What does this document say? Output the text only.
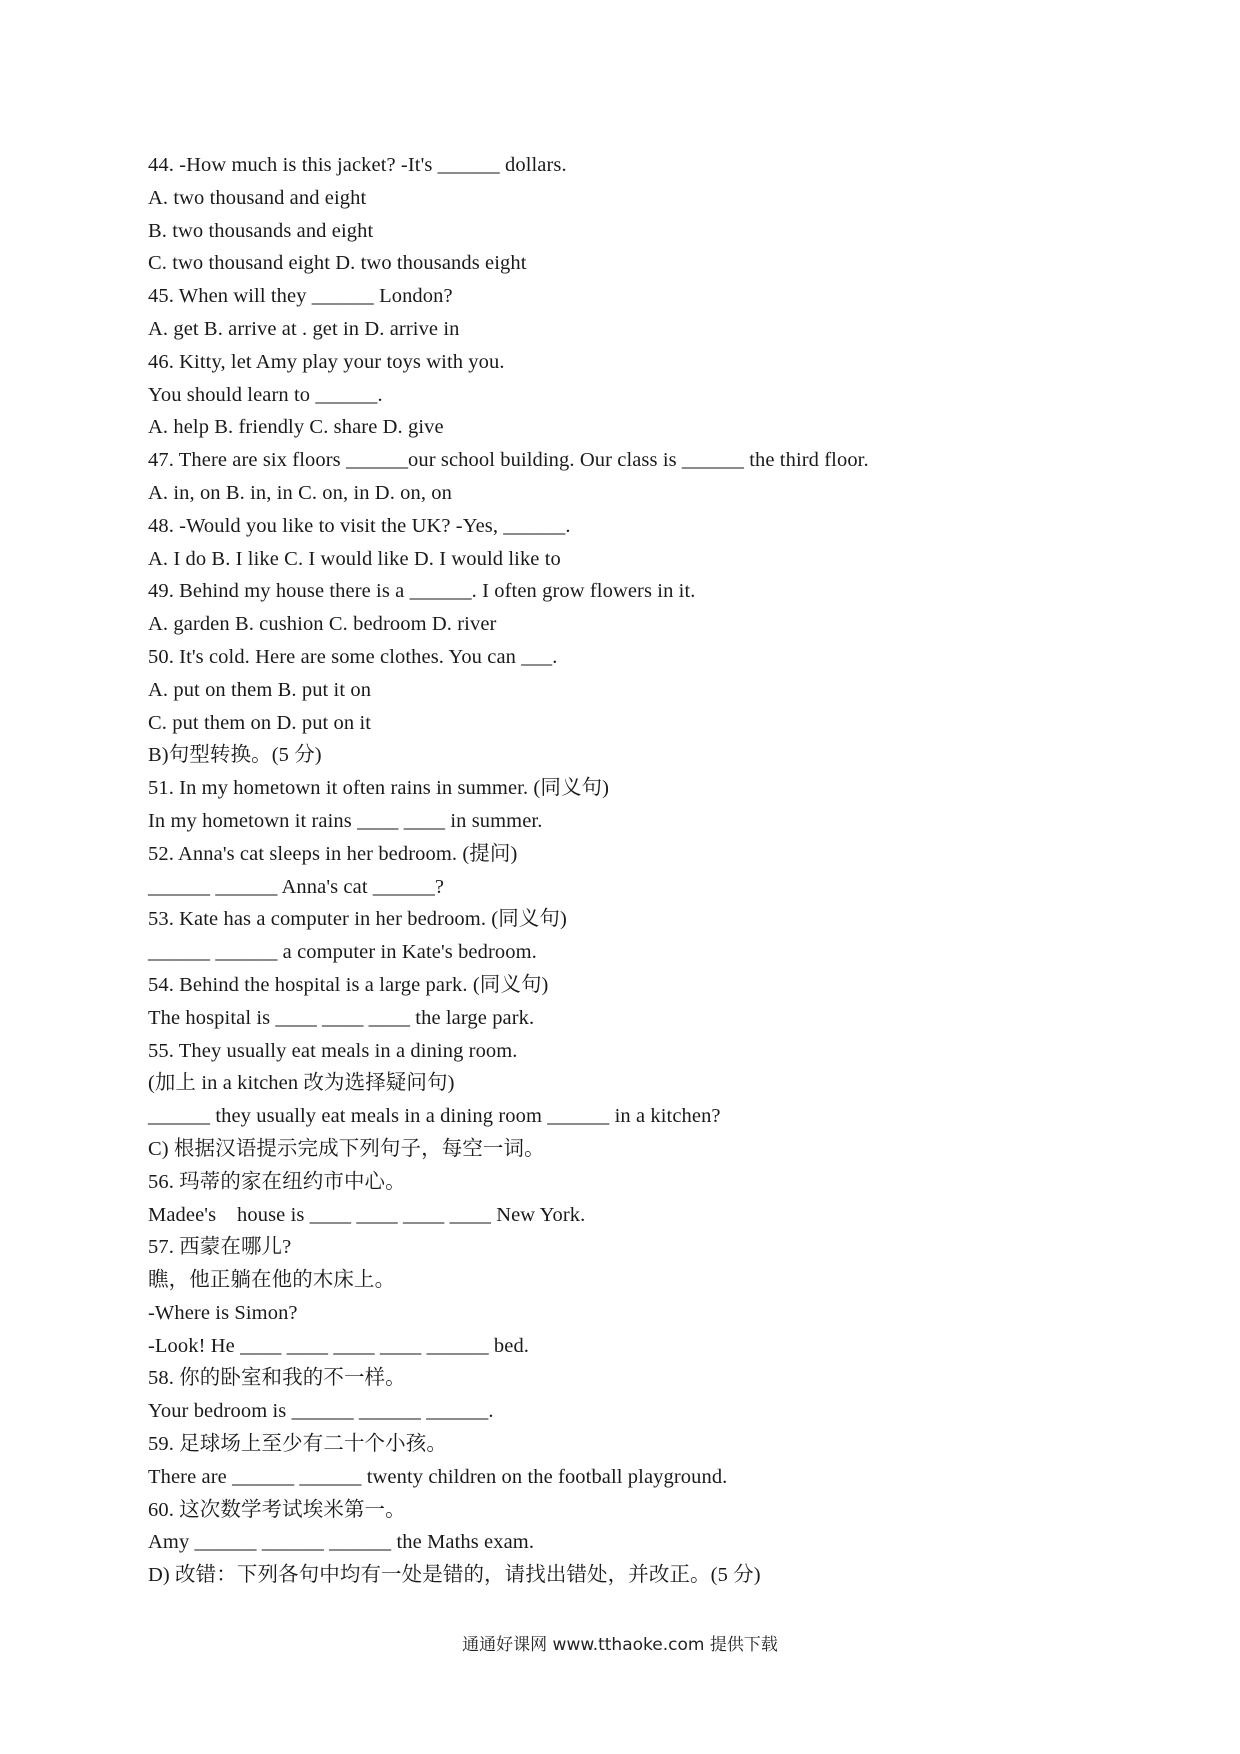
44. -How much is this jacket? -It's ______ dollars.
A. two thousand and eight
B. two thousands and eight
C. two thousand eight D. two thousands eight
45. When will they ______ London?
A. get B. arrive at . get in D. arrive in
46. Kitty, let Amy play your toys with you.
You should learn to ______.
A. help B. friendly C. share D. give
47. There are six floors ______our school building. Our class is ______ the third floor.
A. in, on B. in, in C. on, in D. on, on
48. -Would you like to visit the UK? -Yes, ______.
A. I do B. I like C. I would like D. I would like to
49. Behind my house there is a ______. I often grow flowers in it.
A. garden B. cushion C. bedroom D. river
50. It's cold. Here are some clothes. You can ___.
A. put on them B. put it on
C. put them on D. put on it
B)句型转换。(5 分)
51. In my hometown it often rains in summer. (同义句)
In my hometown it rains ____ ____ in summer.
52. Anna's cat sleeps in her bedroom. (提问)
______ ______ Anna's cat ______?
53. Kate has a computer in her bedroom. (同义句)
______ ______ a computer in Kate's bedroom.
54. Behind the hospital is a large park. (同义句)
The hospital is ____ ____ ____ the large park.
55. They usually eat meals in a dining room.
(加上 in a kitchen 改为选择疑问句)
______ they usually eat meals in a dining room ______ in a kitchen?
C) 根据汉语提示完成下列句子，每空一词。
56. 玛蒂的家在纽约市中心。
Madee's    house is ____ ____ ____ ____ New York.
57. 西蒙在哪儿?
瞧，他正躺在他的木床上。
-Where is Simon?
-Look! He ____ ____ ____ ____ ______ bed.
58. 你的卧室和我的不一样。
Your bedroom is ______ ______ ______.
59. 足球场上至少有二十个小孩。
There are ______ ______ twenty children on the football playground.
60. 这次数学考试埃米第一。
Amy ______ ______ ______ the Maths exam.
D) 改错：下列各句中均有一处是错的，请找出错处，并改正。(5 分)
通通好课网 www.tthaoke.com 提供下载
